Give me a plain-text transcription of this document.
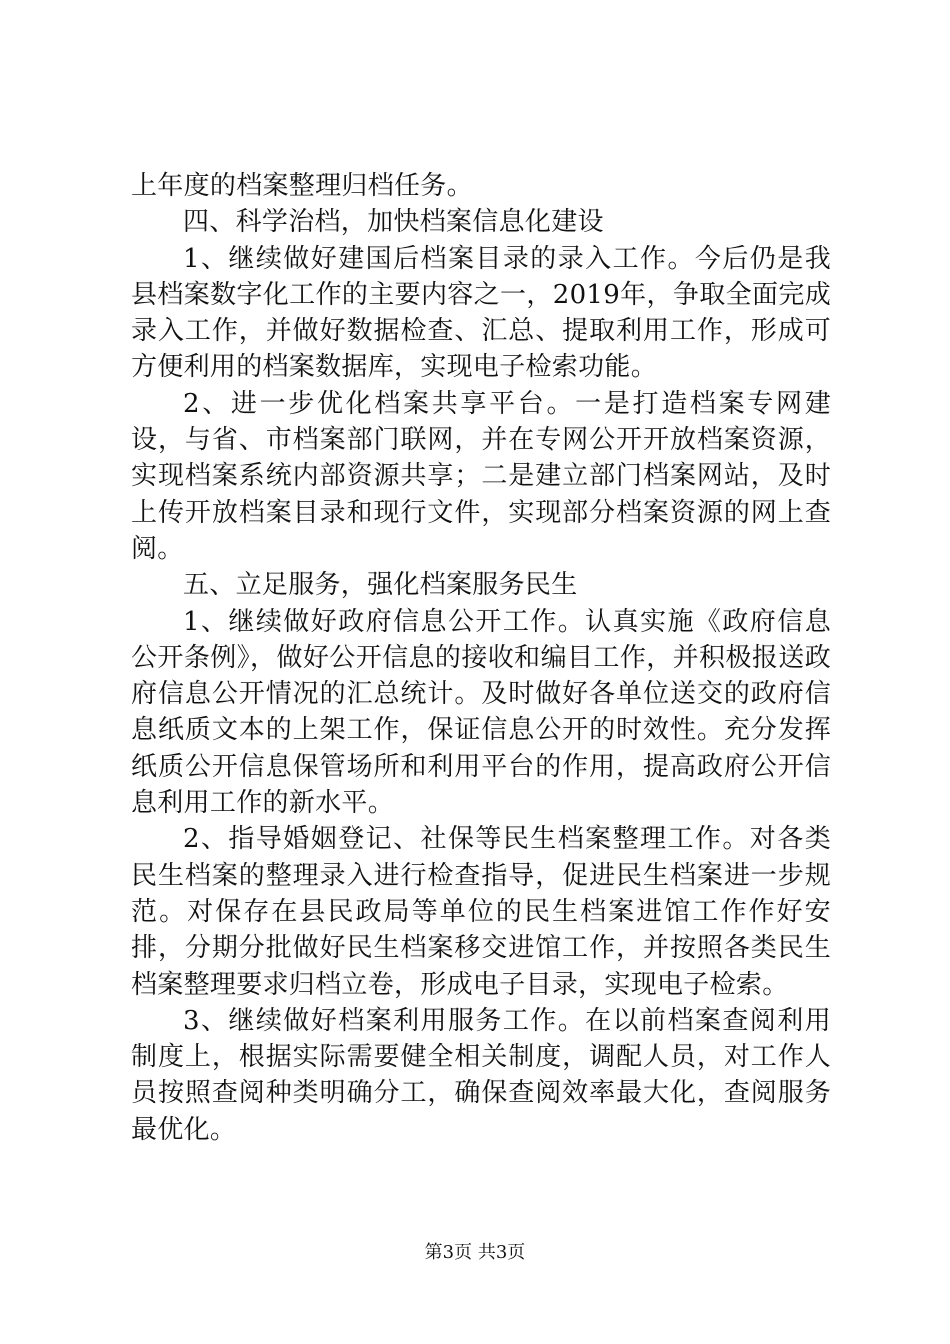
上年度的档案整理归档任务。

四、科学治档，加快档案信息化建设

1、继续做好建国后档案目录的录入工作。今后仍是我县档案数字化工作的主要内容之一，2019年，争取全面完成录入工作，并做好数据检查、汇总、提取利用工作，形成可方便利用的档案数据库，实现电子检索功能。

2、进一步优化档案共享平台。一是打造档案专网建设，与省、市档案部门联网，并在专网公开开放档案资源，实现档案系统内部资源共享；二是建立部门档案网站，及时上传开放档案目录和现行文件，实现部分档案资源的网上查阅。

五、立足服务，强化档案服务民生

1、继续做好政府信息公开工作。认真实施《政府信息公开条例》，做好公开信息的接收和编目工作，并积极报送政府信息公开情况的汇总统计。及时做好各单位送交的政府信息纸质文本的上架工作，保证信息公开的时效性。充分发挥纸质公开信息保管场所和利用平台的作用，提高政府公开信息利用工作的新水平。

2、指导婚姻登记、社保等民生档案整理工作。对各类民生档案的整理录入进行检查指导，促进民生档案进一步规范。对保存在县民政局等单位的民生档案进馆工作作好安排，分期分批做好民生档案移交进馆工作，并按照各类民生档案整理要求归档立卷，形成电子目录，实现电子检索。

3、继续做好档案利用服务工作。在以前档案查阅利用制度上，根据实际需要健全相关制度，调配人员，对工作人员按照查阅种类明确分工，确保查阅效率最大化，查阅服务最优化。

第3页 共3页
